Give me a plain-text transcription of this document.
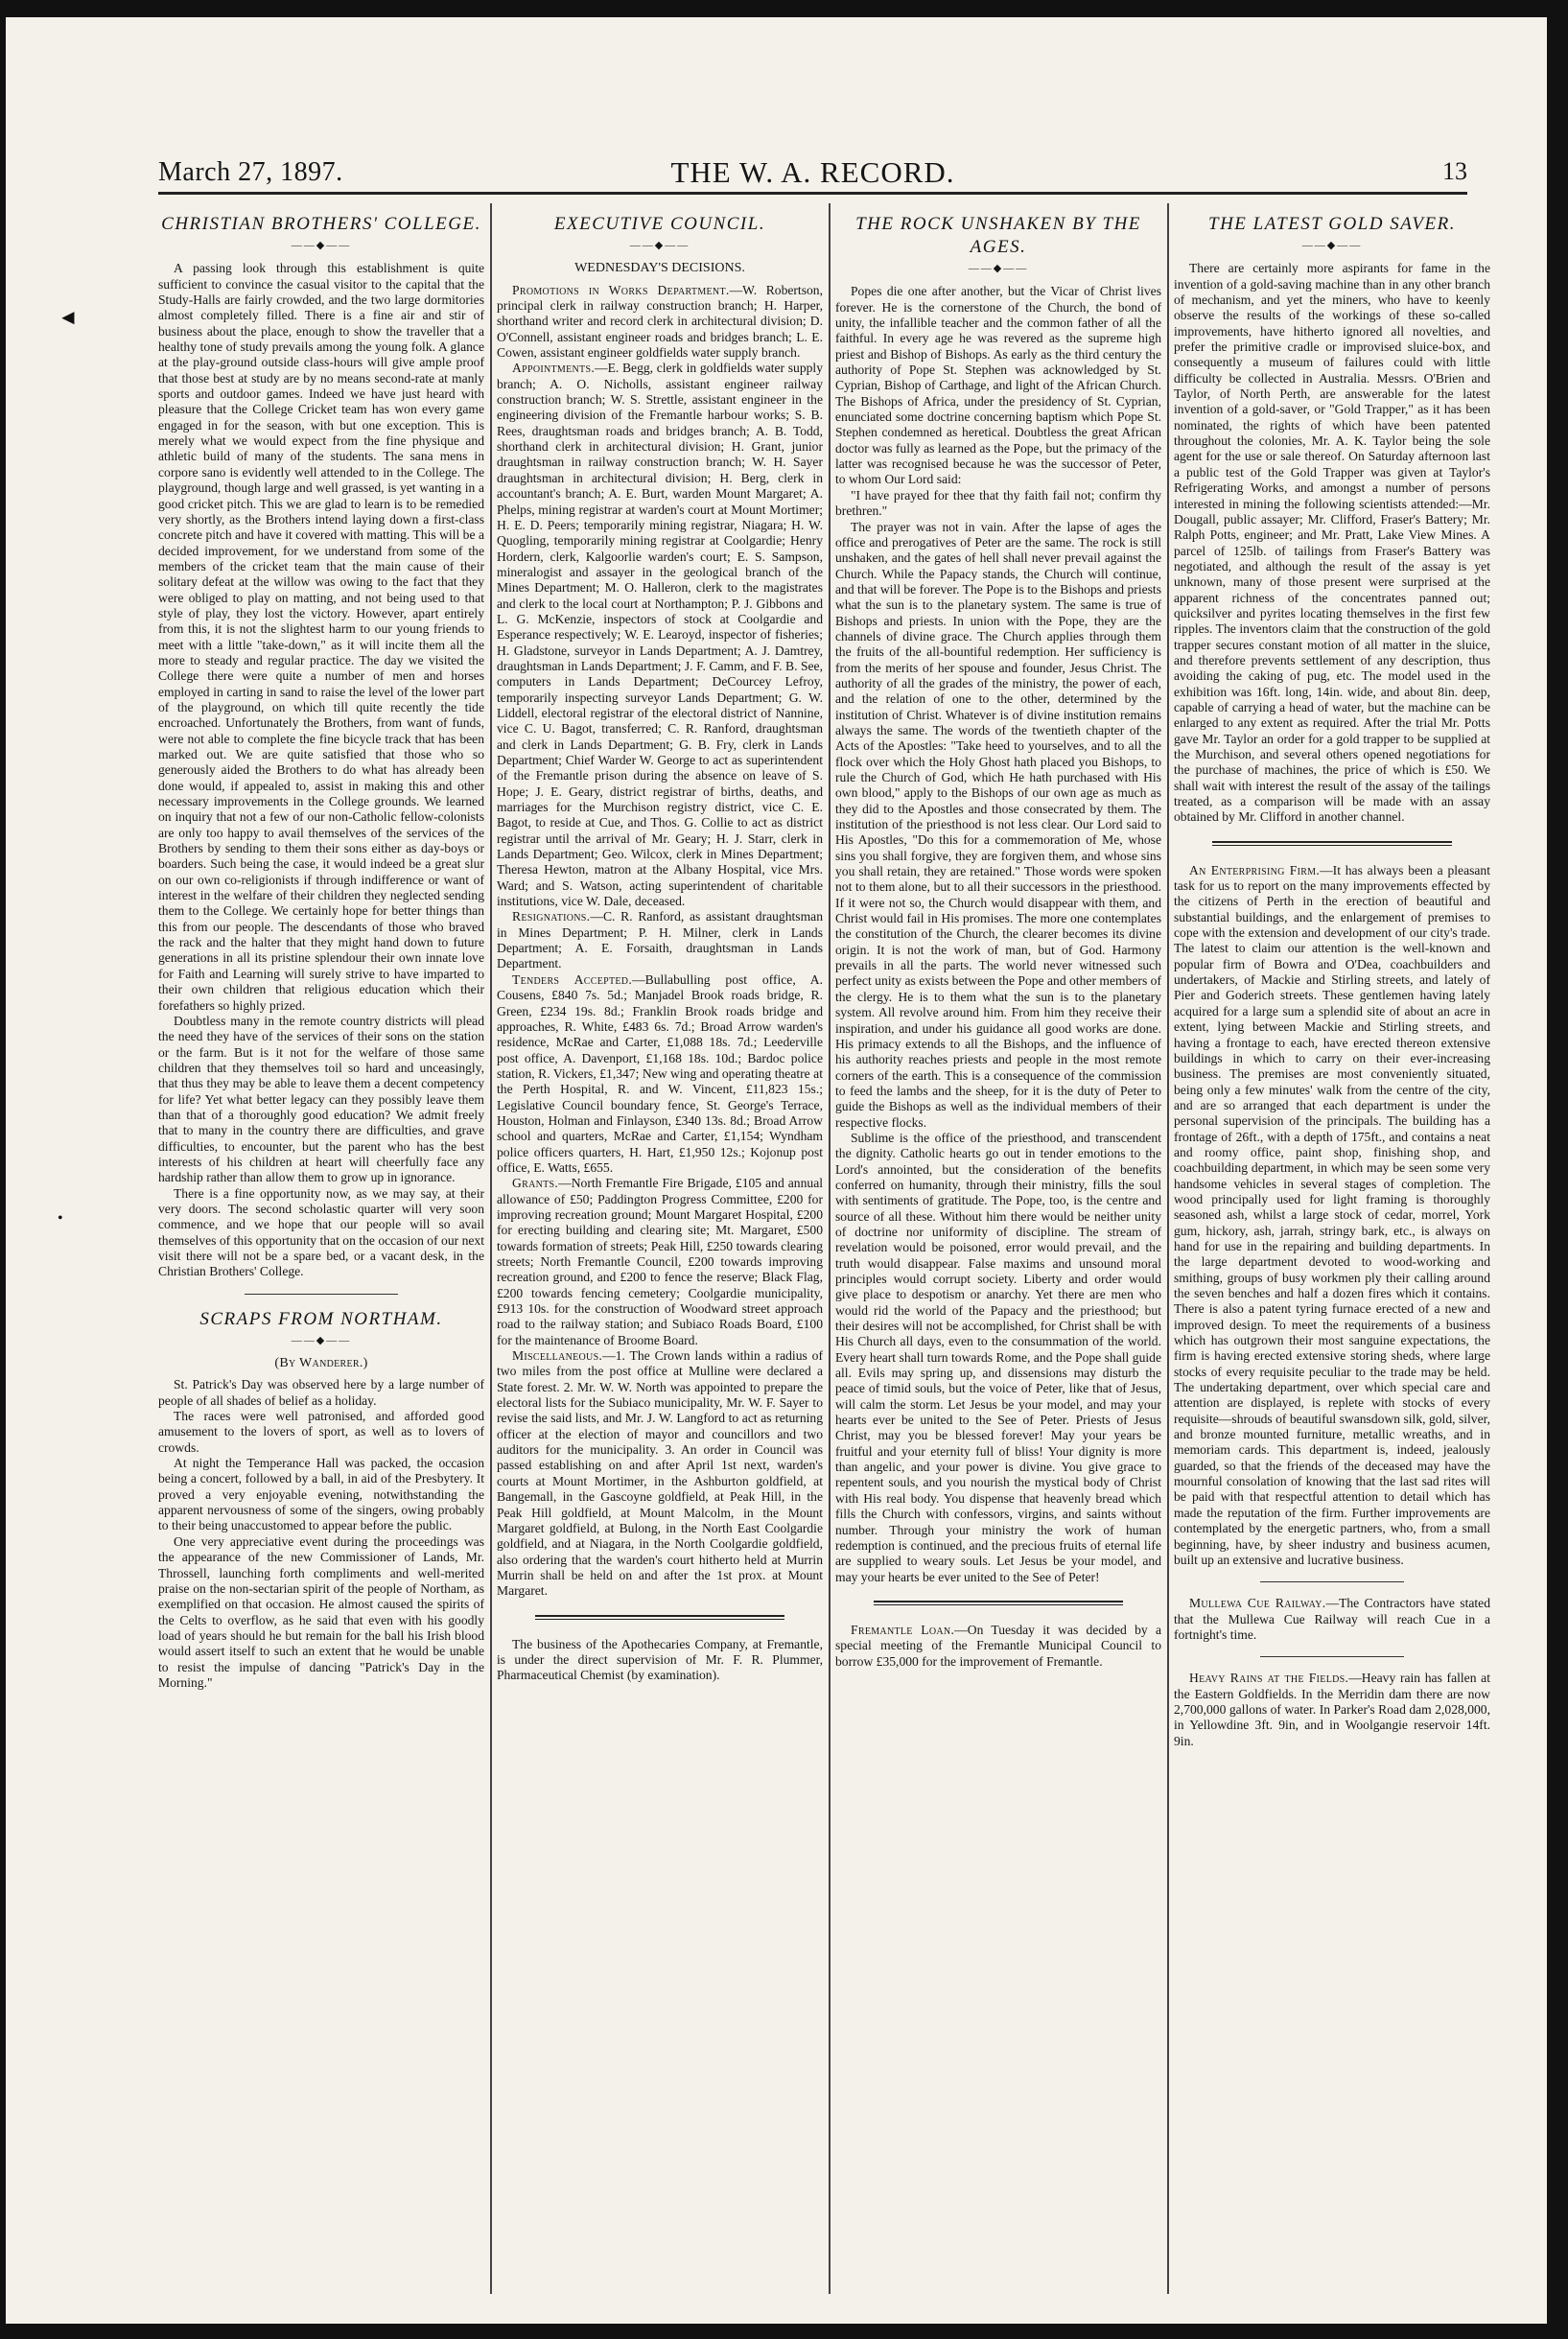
◄
•
March 27, 1897.	THE W. A. RECORD.	13
CHRISTIAN BROTHERS' COLLEGE.
——◆——

A passing look through this establishment is quite sufficient to convince the casual visitor to the capital that the Study-Halls are fairly crowded, and the two large dormitories almost completely filled. There is a fine air and stir of business about the place, enough to show the traveller that a healthy tone of study prevails among the young folk. A glance at the play-ground outside class-hours will give ample proof that those best at study are by no means second-rate at manly sports and outdoor games. Indeed we have just heard with pleasure that the College Cricket team has won every game engaged in for the season, with but one exception. This is merely what we would expect from the fine physique and athletic build of many of the students. The sana mens in corpore sano is evidently well attended to in the College. The playground, though large and well grassed, is yet wanting in a good cricket pitch. This we are glad to learn is to be remedied very shortly, as the Brothers intend laying down a first-class concrete pitch and have it covered with matting. This will be a decided improvement, for we understand from some of the members of the cricket team that the main cause of their solitary defeat at the willow was owing to the fact that they were obliged to play on matting, and not being used to that style of play, they lost the victory. However, apart entirely from this, it is not the slightest harm to our young friends to meet with a little "take-down," as it will incite them all the more to steady and regular practice. The day we visited the College there were quite a number of men and horses employed in carting in sand to raise the level of the lower part of the playground, on which till quite recently the tide encroached. Unfortunately the Brothers, from want of funds, were not able to complete the fine bicycle track that has been marked out. We are quite satisfied that those who so generously aided the Brothers to do what has already been done would, if appealed to, assist in making this and other necessary improvements in the College grounds. We learned on inquiry that not a few of our non-Catholic fellow-colonists are only too happy to avail themselves of the services of the Brothers by sending to them their sons either as day-boys or boarders. Such being the case, it would indeed be a great slur on our own co-religionists if through indifference or want of interest in the welfare of their children they neglected sending them to the College. We certainly hope for better things than this from our people. The descendants of those who braved the rack and the halter that they might hand down to future generations in all its pristine splendour their own innate love for Faith and Learning will surely strive to have imparted to their own children that religious education which their forefathers so highly prized.

Doubtless many in the remote country districts will plead the need they have of the services of their sons on the station or the farm. But is it not for the welfare of those same children that they themselves toil so hard and unceasingly, that thus they may be able to leave them a decent competency for life? Yet what better legacy can they possibly leave them than that of a thoroughly good education? We admit freely that to many in the country there are difficulties, and grave difficulties, to encounter, but the parent who has the best interests of his children at heart will cheerfully face any hardship rather than allow them to grow up in ignorance.

There is a fine opportunity now, as we may say, at their very doors. The second scholastic quarter will very soon commence, and we hope that our people will so avail themselves of this opportunity that on the occasion of our next visit there will not be a spare bed, or a vacant desk, in the Christian Brothers' College.

SCRAPS FROM NORTHAM.
——◆——
(By Wanderer.)

St. Patrick's Day was observed here by a large number of people of all shades of belief as a holiday.

The races were well patronised, and afforded good amusement to the lovers of sport, as well as to lovers of crowds.

At night the Temperance Hall was packed, the occasion being a concert, followed by a ball, in aid of the Presbytery. It proved a very enjoyable evening, notwithstanding the apparent nervousness of some of the singers, owing probably to their being unaccustomed to appear before the public.

One very appreciative event during the proceedings was the appearance of the new Commissioner of Lands, Mr. Throssell, launching forth compliments and well-merited praise on the non-sectarian spirit of the people of Northam, as exemplified on that occasion. He almost caused the spirits of the Celts to overflow, as he said that even with his goodly load of years should he but remain for the ball his Irish blood would assert itself to such an extent that he would be unable to resist the impulse of dancing "Patrick's Day in the Morning."

EXECUTIVE COUNCIL.
——◆——
WEDNESDAY'S DECISIONS.

Promotions in Works Department.—W. Robertson, principal clerk in railway construction branch; H. Harper, shorthand writer and record clerk in architectural division; D. O'Connell, assistant engineer roads and bridges branch; L. E. Cowen, assistant engineer goldfields water supply branch.

Appointments.—E. Begg, clerk in goldfields water supply branch; A. O. Nicholls, assistant engineer railway construction branch; W. S. Strettle, assistant engineer in the engineering division of the Fremantle harbour works; S. B. Rees, draughtsman roads and bridges branch; A. B. Todd, shorthand clerk in architectural division; H. Grant, junior draughtsman in railway construction branch; W. H. Sayer draughtsman in architectural division; H. Berg, clerk in accountant's branch; A. E. Burt, warden Mount Margaret; A. Phelps, mining registrar at warden's court at Mount Mortimer; H. E. D. Peers; temporarily mining registrar, Niagara; H. W. Quogling, temporarily mining registrar at Coolgardie; Henry Hordern, clerk, Kalgoorlie warden's court; E. S. Sampson, mineralogist and assayer in the geological branch of the Mines Department; M. O. Halleron, clerk to the magistrates and clerk to the local court at Northampton; P. J. Gibbons and L. G. McKenzie, inspectors of stock at Coolgardie and Esperance respectively; W. E. Learoyd, inspector of fisheries; H. Gladstone, surveyor in Lands Department; A. J. Damtrey, draughtsman in Lands Department; J. F. Camm, and F. B. See, computers in Lands Department; DeCourcey Lefroy, temporarily inspecting surveyor Lands Department; G. W. Liddell, electoral registrar of the electoral district of Nannine, vice C. U. Bagot, transferred; C. R. Ranford, draughtsman and clerk in Lands Department; G. B. Fry, clerk in Lands Department; Chief Warder W. George to act as superintendent of the Fremantle prison during the absence on leave of S. Hope; J. E. Geary, district registrar of births, deaths, and marriages for the Murchison registry district, vice C. E. Bagot, to reside at Cue, and Thos. G. Collie to act as district registrar until the arrival of Mr. Geary; H. J. Starr, clerk in Lands Department; Geo. Wilcox, clerk in Mines Department; Theresa Hewton, matron at the Albany Hospital, vice Mrs. Ward; and S. Watson, acting superintendent of charitable institutions, vice W. Dale, deceased.

Resignations.—C. R. Ranford, as assistant draughtsman in Mines Department; P. H. Milner, clerk in Lands Department; A. E. Forsaith, draughtsman in Lands Department.

Tenders Accepted.—Bullabulling post office, A. Cousens, £840 7s. 5d.; Manjadel Brook roads bridge, R. Green, £234 19s. 8d.; Franklin Brook roads bridge and approaches, R. White, £483 6s. 7d.; Broad Arrow warden's residence, McRae and Carter, £1,088 18s. 7d.; Leederville post office, A. Davenport, £1,168 18s. 10d.; Bardoc police station, R. Vickers, £1,347; New wing and operating theatre at the Perth Hospital, R. and W. Vincent, £11,823 15s.; Legislative Council boundary fence, St. George's Terrace, Houston, Holman and Finlayson, £340 13s. 8d.; Broad Arrow school and quarters, McRae and Carter, £1,154; Wyndham police officers quarters, H. Hart, £1,950 12s.; Kojonup post office, E. Watts, £655.

Grants.—North Fremantle Fire Brigade, £105 and annual allowance of £50; Paddington Progress Committee, £200 for improving recreation ground; Mount Margaret Hospital, £200 for erecting building and clearing site; Mt. Margaret, £500 towards formation of streets; Peak Hill, £250 towards clearing streets; North Fremantle Council, £200 towards improving recreation ground, and £200 to fence the reserve; Black Flag, £200 towards fencing cemetery; Coolgardie municipality, £913 10s. for the construction of Woodward street approach road to the railway station; and Subiaco Roads Board, £100 for the maintenance of Broome Board.

Miscellaneous.—1. The Crown lands within a radius of two miles from the post office at Mulline were declared a State forest. 2. Mr. W. W. North was appointed to prepare the electoral lists for the Subiaco municipality, Mr. W. F. Sayer to revise the said lists, and Mr. J. W. Langford to act as returning officer at the election of mayor and councillors and two auditors for the municipality. 3. An order in Council was passed establishing on and after April 1st next, warden's courts at Mount Mortimer, in the Ashburton goldfield, at Bangemall, in the Gascoyne goldfield, at Peak Hill, in the Peak Hill goldfield, at Mount Malcolm, in the Mount Margaret goldfield, at Bulong, in the North East Coolgardie goldfield, and at Niagara, in the North Coolgardie goldfield, also ordering that the warden's court hitherto held at Murrin Murrin shall be held on and after the 1st prox. at Mount Margaret.

The business of the Apothecaries Company, at Fremantle, is under the direct supervision of Mr. F. R. Plummer, Pharmaceutical Chemist (by examination).

THE ROCK UNSHAKEN BY THE AGES.
——◆——

Popes die one after another, but the Vicar of Christ lives forever. He is the cornerstone of the Church, the bond of unity, the infallible teacher and the common father of all the faithful. In every age he was revered as the supreme high priest and Bishop of Bishops. As early as the third century the authority of Pope St. Stephen was acknowledged by St. Cyprian, Bishop of Carthage, and light of the African Church. The Bishops of Africa, under the presidency of St. Cyprian, enunciated some doctrine concerning baptism which Pope St. Stephen condemned as heretical. Doubtless the great African doctor was fully as learned as the Pope, but the primacy of the latter was recognised because he was the successor of Peter, to whom Our Lord said:

"I have prayed for thee that thy faith fail not; confirm thy brethren."

The prayer was not in vain. After the lapse of ages the office and prerogatives of Peter are the same. The rock is still unshaken, and the gates of hell shall never prevail against the Church. While the Papacy stands, the Church will continue, and that will be forever. The Pope is to the Bishops and priests what the sun is to the planetary system. The same is true of Bishops and priests. In union with the Pope, they are the channels of divine grace. The Church applies through them the fruits of the all-bountiful redemption. Her sufficiency is from the merits of her spouse and founder, Jesus Christ. The authority of all the grades of the ministry, the power of each, and the relation of one to the other, determined by the institution of Christ. Whatever is of divine institution remains always the same. The words of the twentieth chapter of the Acts of the Apostles: "Take heed to yourselves, and to all the flock over which the Holy Ghost hath placed you Bishops, to rule the Church of God, which He hath purchased with His own blood," apply to the Bishops of our own age as much as they did to the Apostles and those consecrated by them. The institution of the priesthood is not less clear. Our Lord said to His Apostles, "Do this for a commemoration of Me, whose sins you shall forgive, they are forgiven them, and whose sins you shall retain, they are retained." Those words were spoken not to them alone, but to all their successors in the priesthood. If it were not so, the Church would disappear with them, and Christ would fail in His promises. The more one contemplates the constitution of the Church, the clearer becomes its divine origin. It is not the work of man, but of God. Harmony prevails in all the parts. The world never witnessed such perfect unity as exists between the Pope and other members of the clergy. He is to them what the sun is to the planetary system. All revolve around him. From him they receive their inspiration, and under his guidance all good works are done. His primacy extends to all the Bishops, and the influence of his authority reaches priests and people in the most remote corners of the earth. This is a consequence of the commission to feed the lambs and the sheep, for it is the duty of Peter to guide the Bishops as well as the individual members of their respective flocks.

Sublime is the office of the priesthood, and transcendent the dignity. Catholic hearts go out in tender emotions to the Lord's annointed, but the consideration of the benefits conferred on humanity, through their ministry, fills the soul with sentiments of gratitude. The Pope, too, is the centre and source of all these. Without him there would be neither unity of doctrine nor uniformity of discipline. The stream of revelation would be poisoned, error would prevail, and the truth would disappear. False maxims and unsound moral principles would corrupt society. Liberty and order would give place to despotism or anarchy. Yet there are men who would rid the world of the Papacy and the priesthood; but their desires will not be accomplished, for Christ shall be with His Church all days, even to the consummation of the world. Every heart shall turn towards Rome, and the Pope shall guide all. Evils may spring up, and dissensions may disturb the peace of timid souls, but the voice of Peter, like that of Jesus, will calm the storm. Let Jesus be your model, and may your hearts ever be united to the See of Peter. Priests of Jesus Christ, may you be blessed forever! May your years be fruitful and your eternity full of bliss! Your dignity is more than angelic, and your power is divine. You give grace to repentent souls, and you nourish the mystical body of Christ with His real body. You dispense that heavenly bread which fills the Church with confessors, virgins, and saints without number. Through your ministry the work of human redemption is continued, and the precious fruits of eternal life are supplied to weary souls. Let Jesus be your model, and may your hearts be ever united to the See of Peter!

Fremantle Loan.—On Tuesday it was decided by a special meeting of the Fremantle Municipal Council to borrow £35,000 for the improvement of Fremantle.

THE LATEST GOLD SAVER.
——◆——

There are certainly more aspirants for fame in the invention of a gold-saving machine than in any other branch of mechanism, and yet the miners, who have to keenly observe the results of the workings of these so-called improvements, have hitherto ignored all novelties, and prefer the primitive cradle or improvised sluice-box, and consequently a museum of failures could with little difficulty be collected in Australia. Messrs. O'Brien and Taylor, of North Perth, are answerable for the latest invention of a gold-saver, or "Gold Trapper," as it has been nominated, the rights of which have been patented throughout the colonies, Mr. A. K. Taylor being the sole agent for the use or sale thereof. On Saturday afternoon last a public test of the Gold Trapper was given at Taylor's Refrigerating Works, and amongst a number of persons interested in mining the following scientists attended:—Mr. Dougall, public assayer; Mr. Clifford, Fraser's Battery; Mr. Ralph Potts, engineer; and Mr. Pratt, Lake View Mines. A parcel of 125lb. of tailings from Fraser's Battery was negotiated, and although the result of the assay is yet unknown, many of those present were surprised at the apparent richness of the concentrates panned out; quicksilver and pyrites locating themselves in the first few ripples. The inventors claim that the construction of the gold trapper secures constant motion of all matter in the sluice, and therefore prevents settlement of any description, thus avoiding the caking of pug, etc. The model used in the exhibition was 16ft. long, 14in. wide, and about 8in. deep, capable of carrying a head of water, but the machine can be enlarged to any extent as required. After the trial Mr. Potts gave Mr. Taylor an order for a gold trapper to be supplied at the Murchison, and several others opened negotiations for the purchase of machines, the price of which is £50. We shall wait with interest the result of the assay of the tailings treated, as a comparison will be made with an assay obtained by Mr. Clifford in another channel.

An Enterprising Firm.—It has always been a pleasant task for us to report on the many improvements effected by the citizens of Perth in the erection of beautiful and substantial buildings, and the enlargement of premises to cope with the extension and development of our city's trade. The latest to claim our attention is the well-known and popular firm of Bowra and O'Dea, coachbuilders and undertakers, of Mackie and Stirling streets, and lately of Pier and Goderich streets. These gentlemen having lately acquired for a large sum a splendid site of about an acre in extent, lying between Mackie and Stirling streets, and having a frontage to each, have erected thereon extensive buildings in which to carry on their ever-increasing business. The premises are most conveniently situated, being only a few minutes' walk from the centre of the city, and are so arranged that each department is under the personal supervision of the principals. The building has a frontage of 26ft., with a depth of 175ft., and contains a neat and roomy office, paint shop, finishing shop, and coachbuilding department, in which may be seen some very handsome vehicles in several stages of completion. The wood principally used for light framing is thoroughly seasoned ash, whilst a large stock of cedar, morrel, York gum, hickory, ash, jarrah, stringy bark, etc., is always on hand for use in the repairing and building departments. In the large department devoted to wood-working and smithing, groups of busy workmen ply their calling around the seven benches and half a dozen fires which it contains. There is also a patent tyring furnace erected of a new and improved design. To meet the requirements of a business which has outgrown their most sanguine expectations, the firm is having erected extensive storing sheds, where large stocks of every requisite peculiar to the trade may be held. The undertaking department, over which special care and attention are displayed, is replete with stocks of every requisite—shrouds of beautiful swansdown silk, gold, silver, and bronze mounted furniture, metallic wreaths, and in memoriam cards. This department is, indeed, jealously guarded, so that the friends of the deceased may have the mournful consolation of knowing that the last sad rites will be paid with that respectful attention to detail which has made the reputation of the firm. Further improvements are contemplated by the energetic partners, who, from a small beginning, have, by sheer industry and business acumen, built up an extensive and lucrative business.

Mullewa Cue Railway.—The Contractors have stated that the Mullewa Cue Railway will reach Cue in a fortnight's time.

Heavy Rains at the Fields.—Heavy rain has fallen at the Eastern Goldfields. In the Merridin dam there are now 2,700,000 gallons of water. In Parker's Road dam 2,028,000, in Yellowdine 3ft. 9in, and in Woolgangie reservoir 14ft. 9in.
